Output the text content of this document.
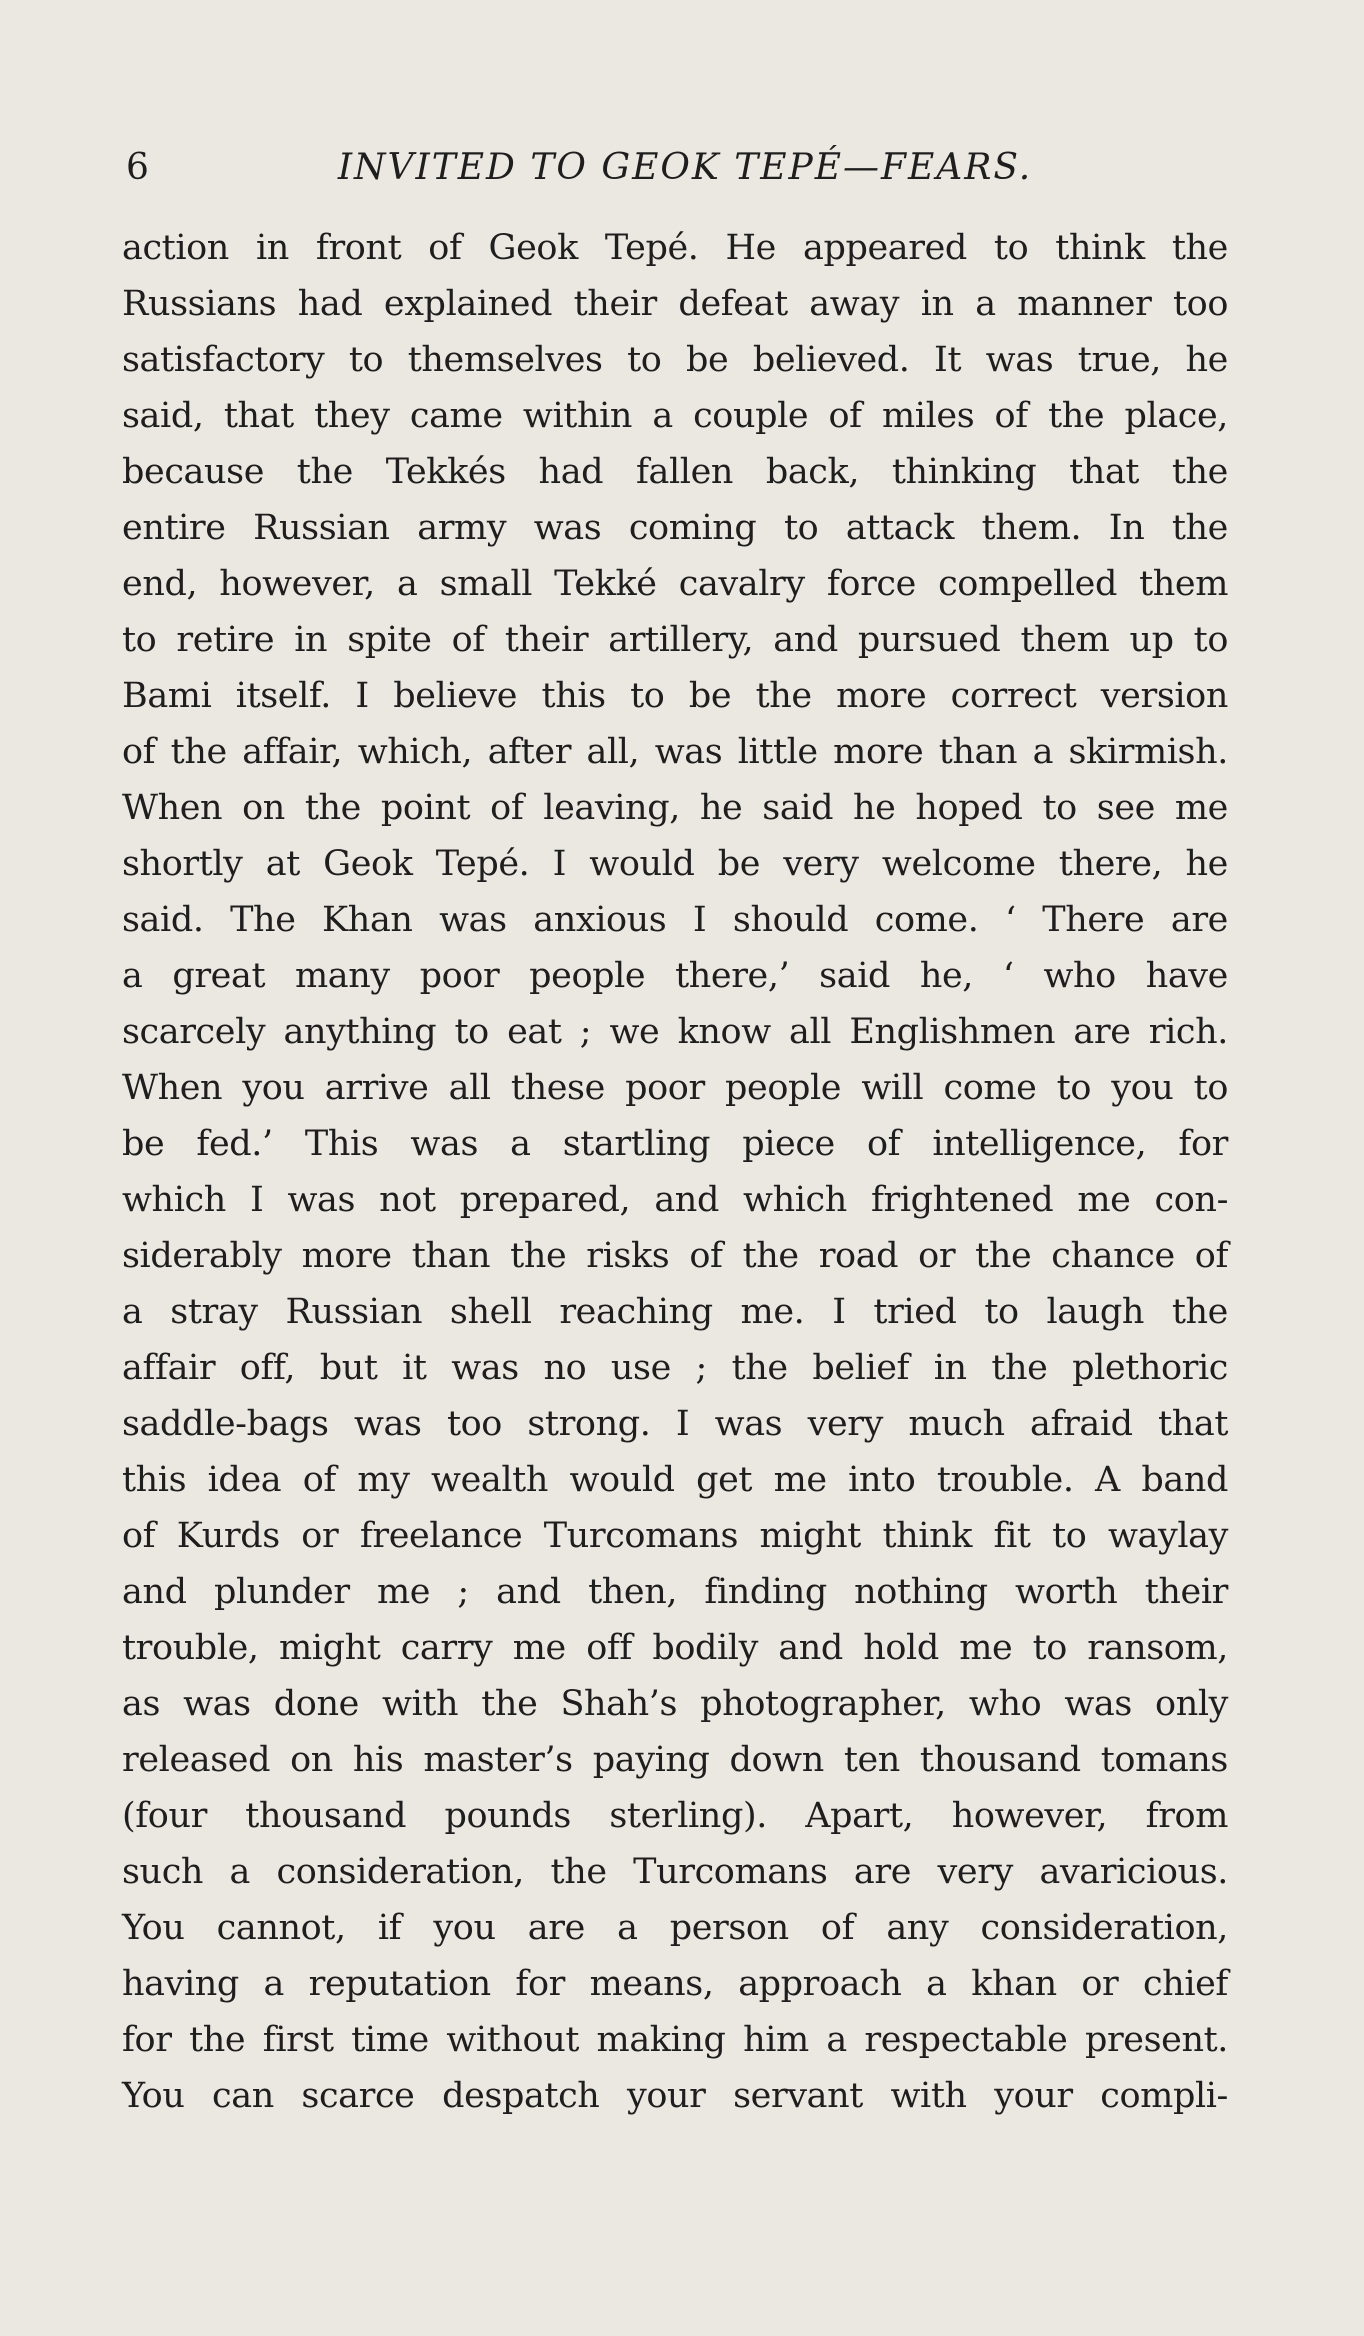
6	INVITED TO GEOK TEPÉ—FEARS.
action in front of Geok Tepé. He appeared to think the
Russians had explained their defeat away in a manner too
satisfactory to themselves to be believed. It was true, he
said, that they came within a couple of miles of the place,
because the Tekkés had fallen back, thinking that the
entire Russian army was coming to attack them. In the
end, however, a small Tekké cavalry force compelled them
to retire in spite of their artillery, and pursued them up to
Bami itself. I believe this to be the more correct version
of the affair, which, after all, was little more than a skirmish.
When on the point of leaving, he said he hoped to see me
shortly at Geok Tepé. I would be very welcome there, he
said. The Khan was anxious I should come. ‘ There are
a great many poor people there,’ said he, ‘ who have
scarcely anything to eat ; we know all Englishmen are rich.
When you arrive all these poor people will come to you to
be fed.’ This was a startling piece of intelligence, for
which I was not prepared, and which frightened me con-
siderably more than the risks of the road or the chance of
a stray Russian shell reaching me. I tried to laugh the
affair off, but it was no use ; the belief in the plethoric
saddle-bags was too strong. I was very much afraid that
this idea of my wealth would get me into trouble. A band
of Kurds or freelance Turcomans might think fit to waylay
and plunder me ; and then, finding nothing worth their
trouble, might carry me off bodily and hold me to ransom,
as was done with the Shah’s photographer, who was only
released on his master’s paying down ten thousand tomans
(four thousand pounds sterling). Apart, however, from
such a consideration, the Turcomans are very avaricious.
You cannot, if you are a person of any consideration,
having a reputation for means, approach a khan or chief
for the first time without making him a respectable present.
You can scarce despatch your servant with your compli-
